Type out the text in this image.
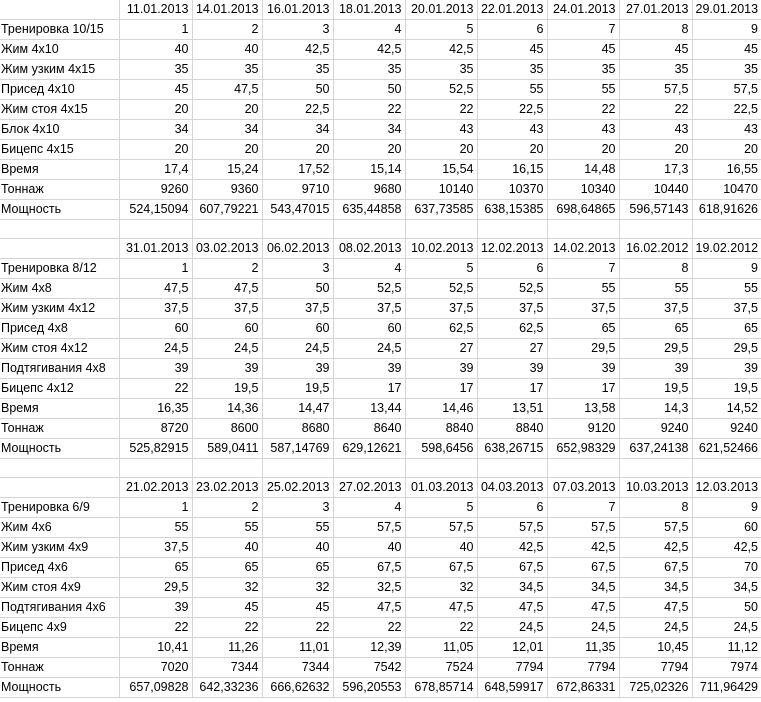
	11.01.2013	14.01.2013	16.01.2013	18.01.2013	20.01.2013	22.01.2013	24.01.2013	27.01.2013	29.01.2013
Тренировка 10/15	1	2	3	4	5	6	7	8	9
Жим 4х10	40	40	42,5	42,5	42,5	45	45	45	45
Жим узким 4х15	35	35	35	35	35	35	35	35	35
Присед 4х10	45	47,5	50	50	52,5	55	55	57,5	57,5
Жим стоя 4х15	20	20	22,5	22	22	22,5	22	22	22,5
Блок 4х10	34	34	34	34	43	43	43	43	43
Бицепс 4х15	20	20	20	20	20	20	20	20	20
Время	17,4	15,24	17,52	15,14	15,54	16,15	14,48	17,3	16,55
Тоннаж	9260	9360	9710	9680	10140	10370	10340	10440	10470
Мощность	524,15094	607,79221	543,47015	635,44858	637,73585	638,15385	698,64865	596,57143	618,91626

	31.01.2013	03.02.2013	06.02.2013	08.02.2013	10.02.2013	12.02.2013	14.02.2013	16.02.2012	19.02.2012
Тренировка 8/12	1	2	3	4	5	6	7	8	9
Жим 4х8	47,5	47,5	50	52,5	52,5	52,5	55	55	55
Жим узким 4х12	37,5	37,5	37,5	37,5	37,5	37,5	37,5	37,5	37,5
Присед 4х8	60	60	60	60	62,5	62,5	65	65	65
Жим стоя 4х12	24,5	24,5	24,5	24,5	27	27	29,5	29,5	29,5
Подтягивания 4х8	39	39	39	39	39	39	39	39	39
Бицепс 4х12	22	19,5	19,5	17	17	17	17	19,5	19,5
Время	16,35	14,36	14,47	13,44	14,46	13,51	13,58	14,3	14,52
Тоннаж	8720	8600	8680	8640	8840	8840	9120	9240	9240
Мощность	525,82915	589,0411	587,14769	629,12621	598,6456	638,26715	652,98329	637,24138	621,52466

	21.02.2013	23.02.2013	25.02.2013	27.02.2013	01.03.2013	04.03.2013	07.03.2013	10.03.2013	12.03.2013
Тренировка 6/9	1	2	3	4	5	6	7	8	9
Жим 4х6	55	55	55	57,5	57,5	57,5	57,5	57,5	60
Жим узким 4х9	37,5	40	40	40	40	42,5	42,5	42,5	42,5
Присед 4х6	65	65	65	67,5	67,5	67,5	67,5	67,5	70
Жим стоя 4х9	29,5	32	32	32,5	32	34,5	34,5	34,5	34,5
Подтягивания 4х6	39	45	45	47,5	47,5	47,5	47,5	47,5	50
Бицепс 4х9	22	22	22	22	22	24,5	24,5	24,5	24,5
Время	10,41	11,26	11,01	12,39	11,05	12,01	11,35	10,45	11,12
Тоннаж	7020	7344	7344	7542	7524	7794	7794	7794	7974
Мощность	657,09828	642,33236	666,62632	596,20553	678,85714	648,59917	672,86331	725,02326	711,96429
